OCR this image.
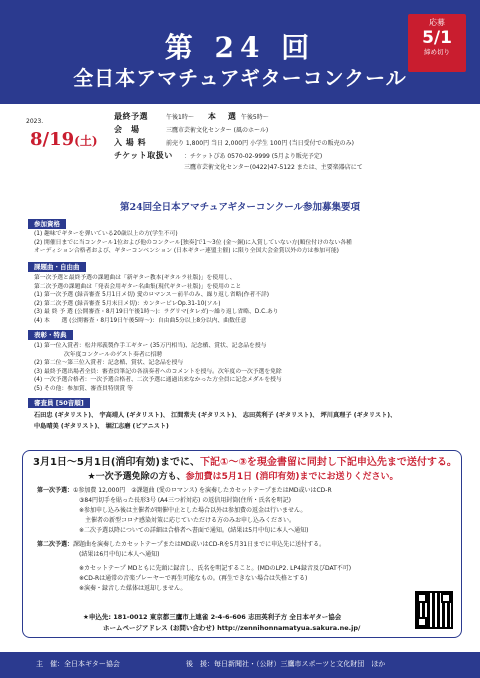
第 24 回
全日本アマチュアギターコンクール
応募
5/1
締め切り
2023.
8/19(土)
最終予選	午後1時～ 本　選 午後5時～
会　場	三鷹市芸術文化センター (風のホール)
入 場 料	前売り 1,800円 当日 2,000円 小学生 100円 (当日受付での販売のみ)
チケット取扱い	：チケットぴあ 0570-02-9999 (5月より販売予定)
三鷹市芸術文化センター(0422)47-5122 または、主要楽器店にて
第24回全日本アマチュアギターコンクール参加募集要項
参加資格
(1) 趣味でギターを弾いている20歳以上の方(学生不可)
(2) 開催日までに当コンクール1位および他のコンクール[独奏]で1～3位 (金～銅)に入賞していない方(順位付けのない各種
オーディション合格者および、ギターコンベンション (日本ギター連盟主催) に限り全国大会金賞以外の方は参加可能)
課題曲・自由曲
第一次予選と最終予選の課題曲は「新ギター教本(ギタルラ社版)」を使用し、
第二次予選の課題曲は「発表会用ギター名曲集(現代ギター社版)」を使用のこと
(1) 第一次予選 (録音審査 5月1日メ切) 愛のロマンス－前半のみ、繰り返し省略(作者不詳)
(2) 第二次予選 (録音審査 5月末日メ切)：カンタービレOp.31-10(ソル)
(3) 最 終 予 選 (公開審査・8月19日午後1時～)：ラグリマ(タレガ)～繰り返し省略、D.C.あり
(4) 本　　選 (公開審査・8月19日午後5時～)：自由曲5分以上8分以内、曲数任意
表彰・特典
(1) 第一位入賞者：松井邦義製作手工ギター (35万円相当)、記念楯、賞状、記念品を授与
次年度コンクールのゲスト奏者に招聘
(2) 第二位～第三位入賞者：記念楯、賞状、記念品を授与
(3) 最終予選出場者全員：審査員筆記の各演奏者へのコメントを授与。次年度の一次予選を免除
(4) 一次予選合格者：一次予選合格者、二次予選に通過出来なかった方全員に記念メダルを授与
(5) その他：参加賞、審査員特別賞 等
審査員 [50音順]
石田忠 (ギタリスト)、 宇高靖人 (ギタリスト)、 江間常夫 (ギタリスト)、 志田英利子 (ギタリスト)、 坪川真理子 (ギタリスト)、
中島晴美 (ギタリスト)、 堀江志磨 (ピアニスト)
3月1日～5月1日(消印有効)までに、下記①～③を現金書留に同封し下記申込先まで送付する。
★一次予選免除の方も、参加費は5月1日 (消印有効)までにお送りください。
第一次予選：①参加費 12,000円　②課題曲 (愛のロマンス) を演奏したカセットテープまたはMD或いはCD-R
③84円切手を貼った長形3号 (A4三つ折対応) の返信用封筒(住所・氏名を明記)
※参加申し込み後は主催者が開催中止とした場合以外は参加費の返金は行いません。
主催者の新型コロナ感染対策に応じていただける方のみお申し込みください。
※二次予選以降についての詳細は合格者へ書面で通知。(結果は5月中旬に本人へ通知)
第二次予選：課題曲を演奏したカセットテープまたはMD或いはCD-Rを5月31日までに申込先に送付する。
(結果は6月中旬に本人へ通知)
※カセットテープ MDともに先頭に録音し、氏名を明記すること。(MDのLP2. LP4録音及びDAT不可)
※CD-Rは通常の音楽プレーヤーで再生可能なもの。(再生できない場合は失格とする)
※演奏・録音した媒体は返却しません。
★申込先: 181-0012 東京都三鷹市上連雀 2-4-6-606 志田英利子方 全日本ギター協会
ホームページアドレス (お問い合わせ) http://zennihonnamatyua.sakura.ne.jp/
主　催：全日本ギター協会	後　援：毎日新聞社・（公財）三鷹市スポーツと文化財団　ほか
